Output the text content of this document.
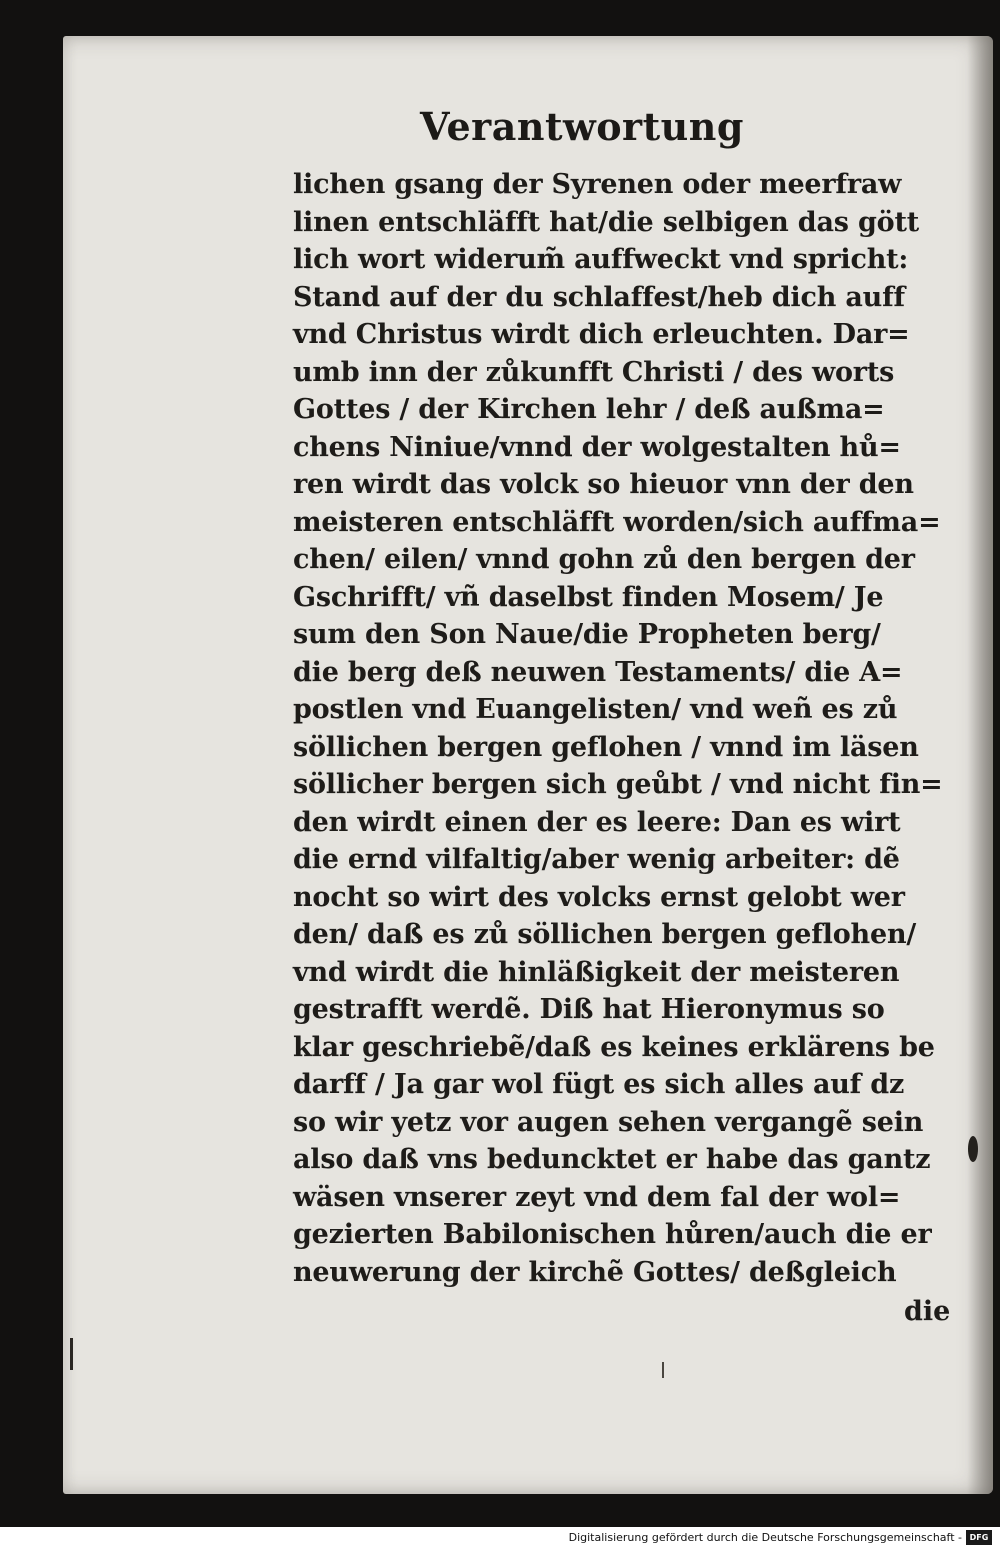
Verantwortung
lichen gsang der Syrenen oder meerfraw
linen entschläfft hat/die selbigen das gött
lich wort widerum̃ auffweckt vnd spricht:
Stand auf der du schlaffest/heb dich auff
vnd Christus wirdt dich erleuchten. Dar=
umb inn der zůkunfft Christi / des worts
Gottes / der Kirchen lehr / deß außma=
chens Niniue/vnnd der wolgestalten hů=
ren wirdt das volck so hieuor vnn der den
meisteren entschläfft worden/sich auffma=
chen/ eilen/ vnnd gohn zů den bergen der
Gschrifft/ vñ daselbst finden Mosem/ Je
sum den Son Naue/die Propheten berg/
die berg deß neuwen Testaments/ die A=
postlen vnd Euangelisten/ vnd weñ es zů
söllichen bergen geflohen / vnnd im läsen
söllicher bergen sich geůbt / vnd nicht fin=
den wirdt einen der es leere: Dan es wirt
die ernd vilfaltig/aber wenig arbeiter: dẽ
nocht so wirt des volcks ernst gelobt wer
den/ daß es zů söllichen bergen geflohen/
vnd wirdt die hinläßigkeit der meisteren
gestrafft werdẽ. Diß hat Hieronymus so
klar geschriebẽ/daß es keines erklärens be
darff / Ja gar wol fügt es sich alles auf dz
so wir yetz vor augen sehen vergangẽ sein
also daß vns beduncktet er habe das gantz
wäsen vnserer zeyt vnd dem fal der wol=
gezierten Babilonischen hůren/auch die er
neuwerung der kirchẽ Gottes/ deßgleich
die
Digitalisierung gefördert durch die Deutsche Forschungsgemeinschaft - DFG
